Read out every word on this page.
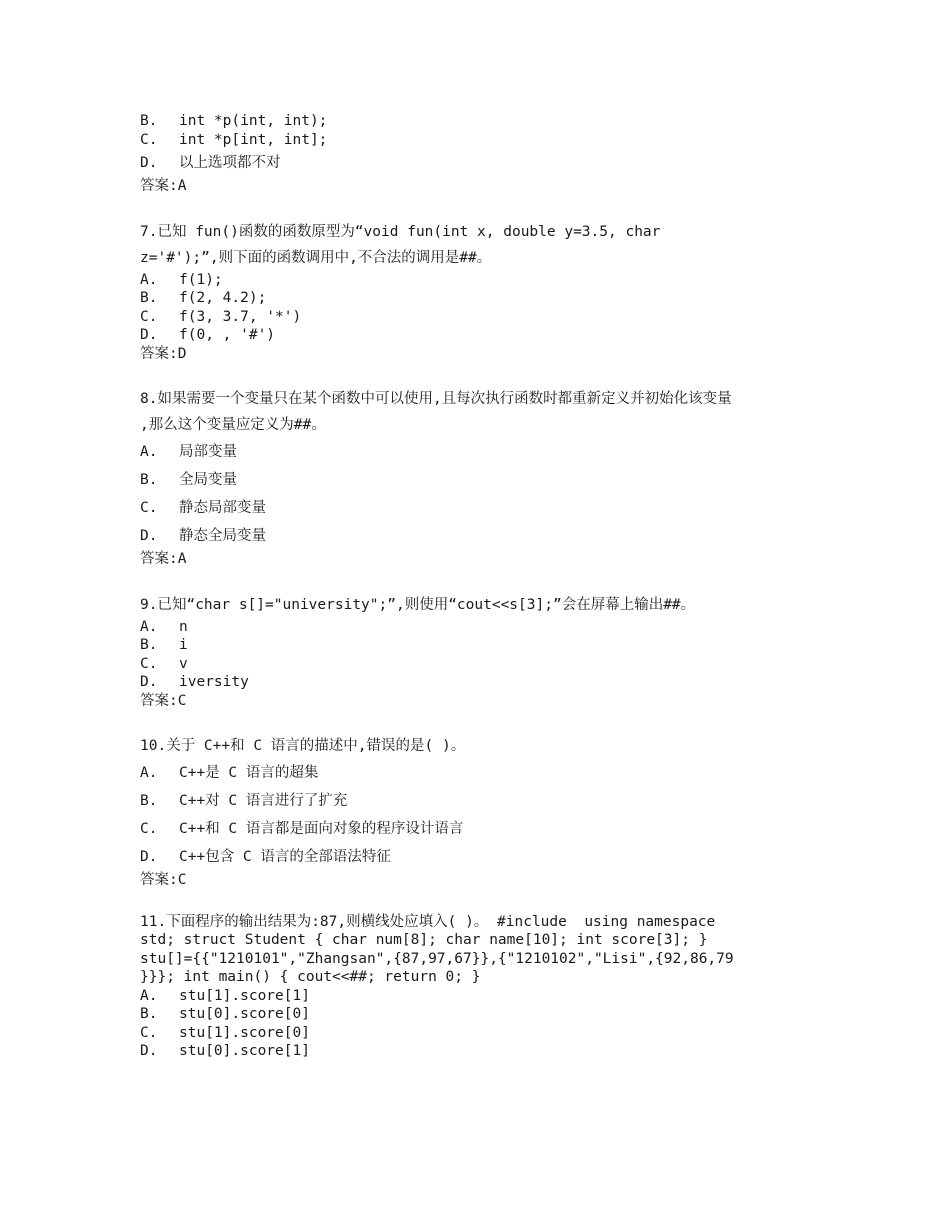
B.	int *p(int, int);
C.	int *p[int, int];
D.	以上选项都不对
答案:A
7.已知 fun()函数的函数原型为“void fun(int x, double y=3.5, char
z='#');”,则下面的函数调用中,不合法的调用是##。
A.	f(1);
B.	f(2, 4.2);
C.	f(3, 3.7, '*')
D.	f(0, , '#')
答案:D
8.如果需要一个变量只在某个函数中可以使用,且每次执行函数时都重新定义并初始化该变量
,那么这个变量应定义为##。
A.	局部变量
B.	全局变量
C.	静态局部变量
D.	静态全局变量
答案:A
9.已知“char s[]="university";”,则使用“cout<<s[3];”会在屏幕上输出##。
A.	n
B.	i
C.	v
D.	iversity
答案:C
10.关于 C++和 C 语言的描述中,错误的是( )。
A.	C++是 C 语言的超集
B.	C++对 C 语言进行了扩充
C.	C++和 C 语言都是面向对象的程序设计语言
D.	C++包含 C 语言的全部语法特征
答案:C
11.下面程序的输出结果为:87,则横线处应填入( )。 #include  using namespace
std; struct Student { char num[8]; char name[10]; int score[3]; }
stu[]={{"1210101","Zhangsan",{87,97,67}},{"1210102","Lisi",{92,86,79
}}}; int main() { cout<<##; return 0; }
A.	stu[1].score[1]
B.	stu[0].score[0]
C.	stu[1].score[0]
D.	stu[0].score[1]
